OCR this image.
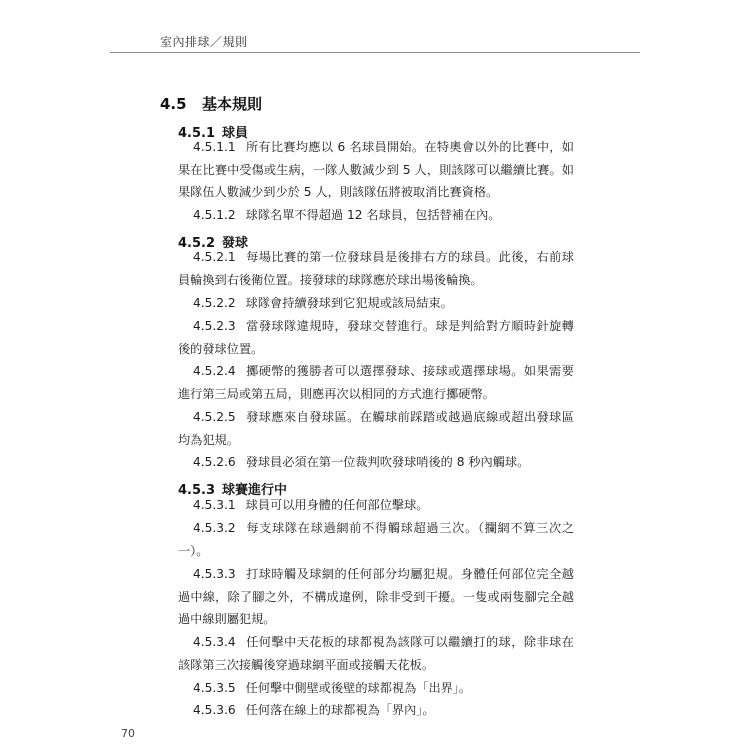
室內排球／規則
4.5 基本規則
4.5.1 球員
4.5.1.1 所有比賽均應以 6 名球員開始。在特奧會以外的比賽中，如果在比賽中受傷或生病，一隊人數減少到 5 人，則該隊可以繼續比賽。如果隊伍人數減少到少於 5 人，則該隊伍將被取消比賽資格。
4.5.1.2 球隊名單不得超過 12 名球員，包括替補在內。
4.5.2 發球
4.5.2.1 每場比賽的第一位發球員是後排右方的球員。此後，右前球員輪換到右後衛位置。接發球的球隊應於球出場後輪換。
4.5.2.2 球隊會持續發球到它犯規或該局結束。
4.5.2.3 當發球隊違規時，發球交替進行。球是判給對方順時針旋轉後的發球位置。
4.5.2.4 擲硬幣的獲勝者可以選擇發球、接球或選擇球場。如果需要進行第三局或第五局，則應再次以相同的方式進行擲硬幣。
4.5.2.5 發球應來自發球區。在觸球前踩踏或越過底線或超出發球區均為犯規。
4.5.2.6 發球員必須在第一位裁判吹發球哨後的 8 秒內觸球。
4.5.3 球賽進行中
4.5.3.1 球員可以用身體的任何部位擊球。
4.5.3.2 每支球隊在球過網前不得觸球超過三次。（攔網不算三次之一）。
4.5.3.3 打球時觸及球網的任何部分均屬犯規。身體任何部位完全越過中線，除了腳之外，不構成違例，除非受到干擾。一隻或兩隻腳完全越過中線則屬犯規。
4.5.3.4 任何擊中天花板的球都視為該隊可以繼續打的球，除非球在該隊第三次接觸後穿過球網平面或接觸天花板。
4.5.3.5 任何擊中側壁或後壁的球都視為「出界」。
4.5.3.6 任何落在線上的球都視為「界內」。
70
